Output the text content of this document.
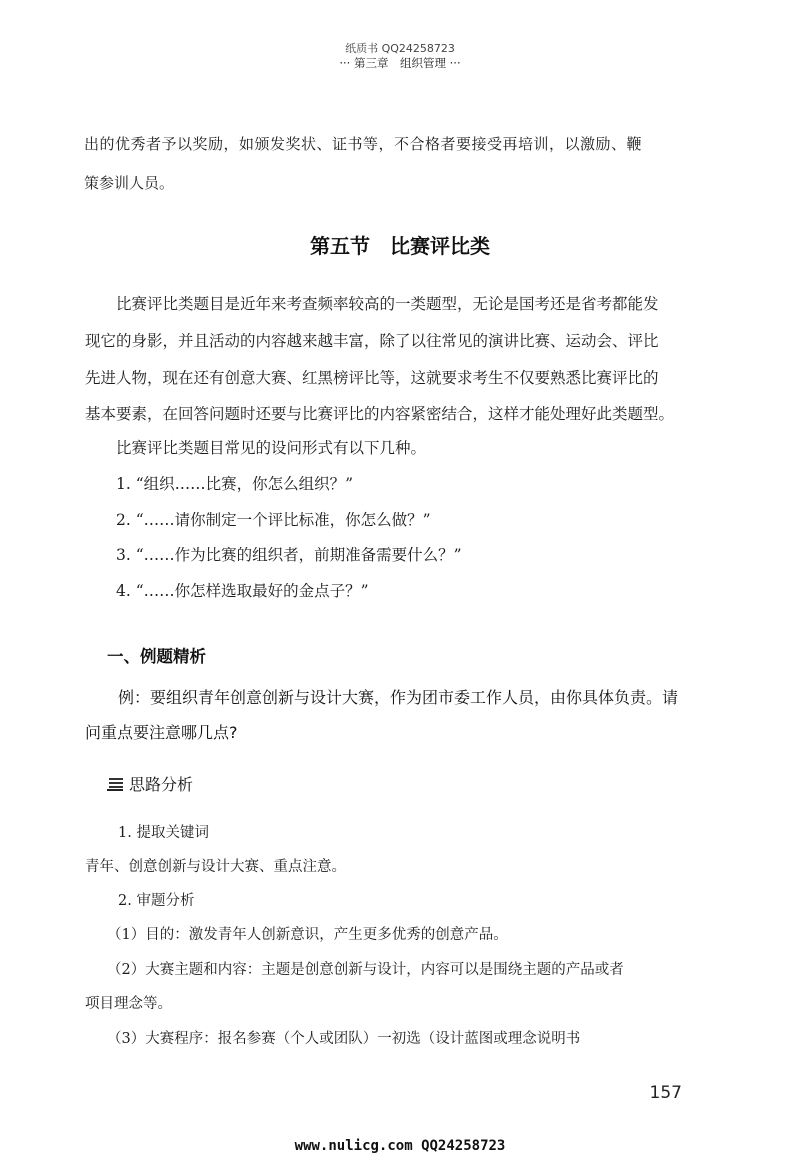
纸质书 QQ24258723

··· 第三章　组织管理 ···

出的优秀者予以奖励，如颁发奖状、证书等，不合格者要接受再培训，以激励、鞭

策参训人员。

第五节　比赛评比类

比赛评比类题目是近年来考查频率较高的一类题型，无论是国考还是省考都能发

现它的身影，并且活动的内容越来越丰富，除了以往常见的演讲比赛、运动会、评比

先进人物，现在还有创意大赛、红黑榜评比等，这就要求考生不仅要熟悉比赛评比的

基本要素，在回答问题时还要与比赛评比的内容紧密结合，这样才能处理好此类题型。

比赛评比类题目常见的设问形式有以下几种。

1. “组织……比赛，你怎么组织？”

2. “……请你制定一个评比标准，你怎么做？”

3. “……作为比赛的组织者，前期准备需要什么？”

4. “……你怎样选取最好的金点子？”

一、例题精析

例：要组织青年创意创新与设计大赛，作为团市委工作人员，由你具体负责。请

问重点要注意哪几点?

思路分析

1. 提取关键词

青年、创意创新与设计大赛、重点注意。

2. 审题分析

（1）目的：激发青年人创新意识，产生更多优秀的创意产品。

（2）大赛主题和内容：主题是创意创新与设计，内容可以是围绕主题的产品或者

项目理念等。

（3）大赛程序：报名参赛（个人或团队）一初选（设计蓝图或理念说明书

157

www.nulicg.com QQ24258723
